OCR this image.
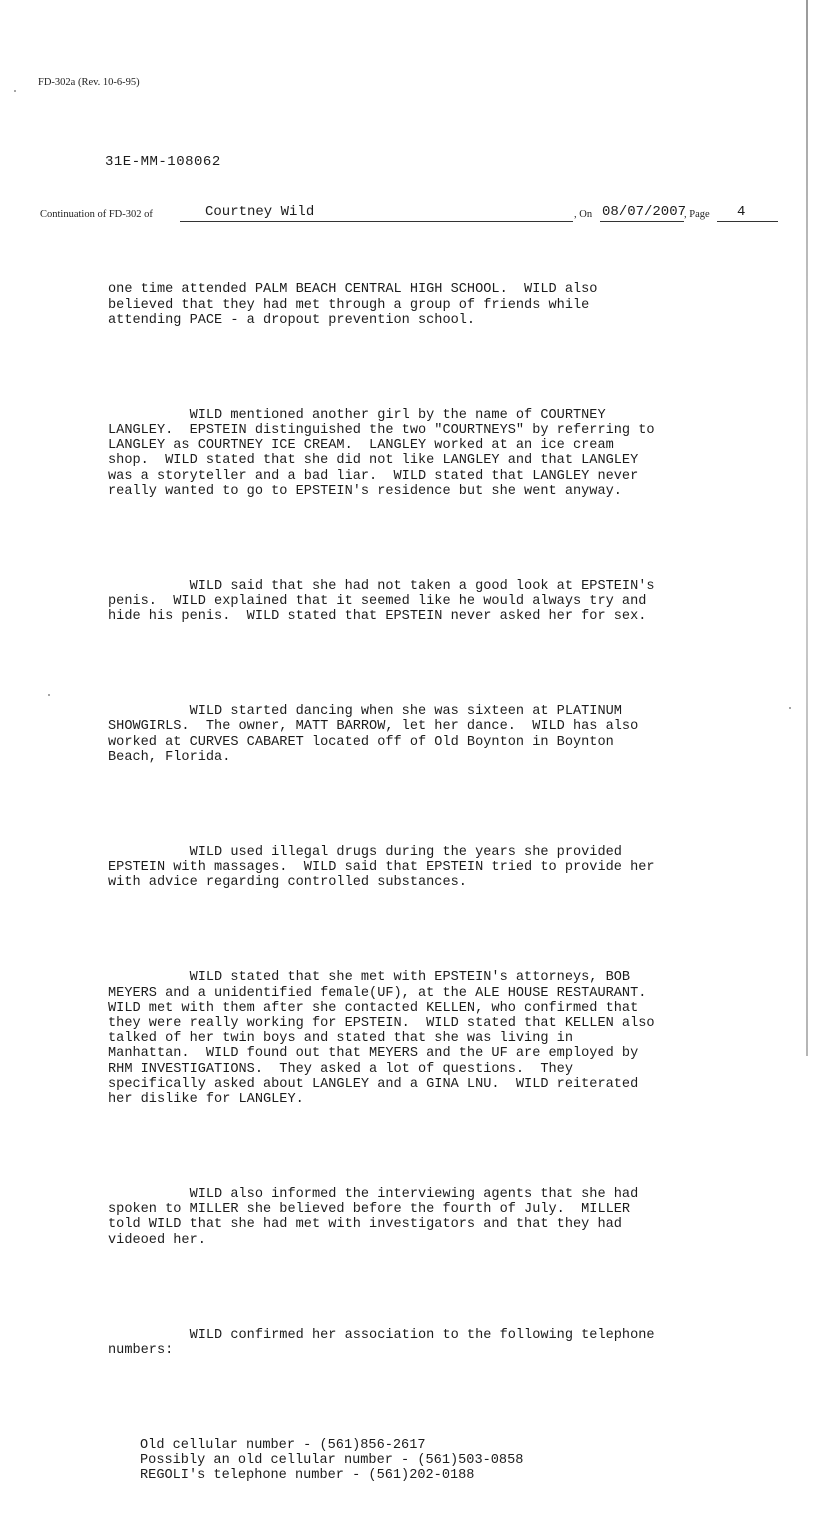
FD-302a (Rev. 10-6-95)
31E-MM-108062
Continuation of FD-302 of	Courtney Wild	, On 08/07/2007
, Page 4

one time attended PALM BEACH CENTRAL HIGH SCHOOL.  WILD also
believed that they had met through a group of friends while
attending PACE - a dropout prevention school.

WILD mentioned another girl by the name of COURTNEY
LANGLEY.  EPSTEIN distinguished the two "COURTNEYS" by referring to
LANGLEY as COURTNEY ICE CREAM.  LANGLEY worked at an ice cream
shop.  WILD stated that she did not like LANGLEY and that LANGLEY
was a storyteller and a bad liar.  WILD stated that LANGLEY never
really wanted to go to EPSTEIN's residence but she went anyway.

WILD said that she had not taken a good look at EPSTEIN's
penis.  WILD explained that it seemed like he would always try and
hide his penis.  WILD stated that EPSTEIN never asked her for sex.

WILD started dancing when she was sixteen at PLATINUM
SHOWGIRLS.  The owner, MATT BARROW, let her dance.  WILD has also
worked at CURVES CABARET located off of Old Boynton in Boynton
Beach, Florida.

WILD used illegal drugs during the years she provided
EPSTEIN with massages.  WILD said that EPSTEIN tried to provide her
with advice regarding controlled substances.

WILD stated that she met with EPSTEIN's attorneys, BOB
MEYERS and a unidentified female(UF), at the ALE HOUSE RESTAURANT.
WILD met with them after she contacted KELLEN, who confirmed that
they were really working for EPSTEIN.  WILD stated that KELLEN also
talked of her twin boys and stated that she was living in
Manhattan.  WILD found out that MEYERS and the UF are employed by
RHM INVESTIGATIONS.  They asked a lot of questions.  They
specifically asked about LANGLEY and a GINA LNU.  WILD reiterated
her dislike for LANGLEY.

WILD also informed the interviewing agents that she had
spoken to MILLER she believed before the fourth of July.  MILLER
told WILD that she had met with investigators and that they had
videoed her.

WILD confirmed her association to the following telephone
numbers:

Old cellular number - (561)856-2617
Possibly an old cellular number - (561)503-0858
REGOLI's telephone number - (561)202-0188
